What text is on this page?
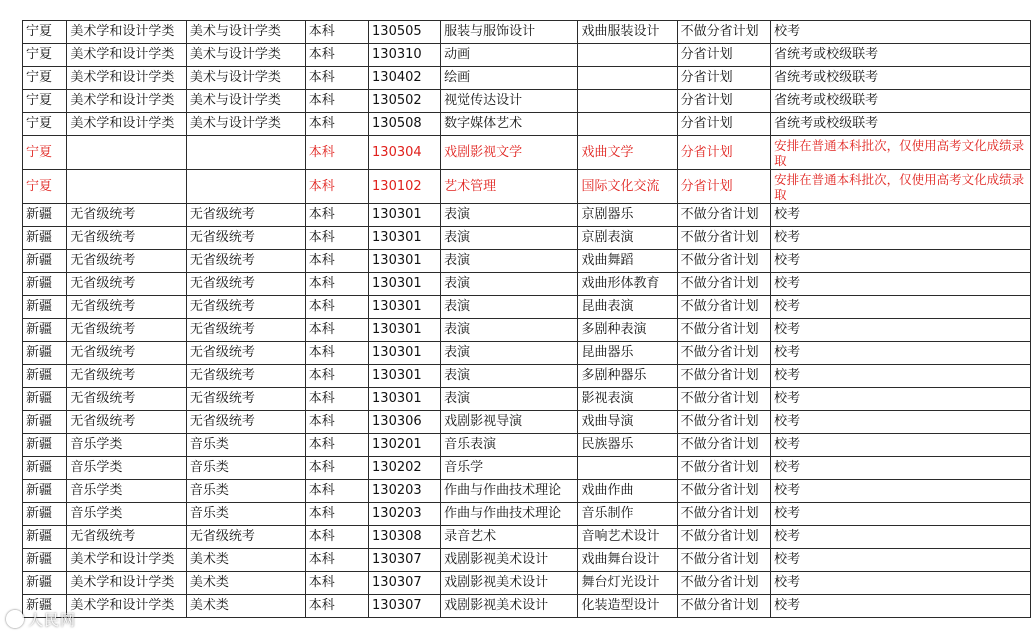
宁夏	美术学和设计学类	美术与设计学类	本科	130505	服装与服饰设计	戏曲服装设计	不做分省计划	校考
宁夏	美术学和设计学类	美术与设计学类	本科	130310	动画		分省计划	省统考或校级联考
宁夏	美术学和设计学类	美术与设计学类	本科	130402	绘画		分省计划	省统考或校级联考
宁夏	美术学和设计学类	美术与设计学类	本科	130502	视觉传达设计		分省计划	省统考或校级联考
宁夏	美术学和设计学类	美术与设计学类	本科	130508	数字媒体艺术		分省计划	省统考或校级联考
宁夏			本科	130304	戏剧影视文学	戏曲文学	分省计划	安排在普通本科批次，仅使用高考文化成绩录取
宁夏			本科	130102	艺术管理	国际文化交流	分省计划	安排在普通本科批次，仅使用高考文化成绩录取
新疆	无省级统考	无省级统考	本科	130301	表演	京剧器乐	不做分省计划	校考
新疆	无省级统考	无省级统考	本科	130301	表演	京剧表演	不做分省计划	校考
新疆	无省级统考	无省级统考	本科	130301	表演	戏曲舞蹈	不做分省计划	校考
新疆	无省级统考	无省级统考	本科	130301	表演	戏曲形体教育	不做分省计划	校考
新疆	无省级统考	无省级统考	本科	130301	表演	昆曲表演	不做分省计划	校考
新疆	无省级统考	无省级统考	本科	130301	表演	多剧种表演	不做分省计划	校考
新疆	无省级统考	无省级统考	本科	130301	表演	昆曲器乐	不做分省计划	校考
新疆	无省级统考	无省级统考	本科	130301	表演	多剧种器乐	不做分省计划	校考
新疆	无省级统考	无省级统考	本科	130301	表演	影视表演	不做分省计划	校考
新疆	无省级统考	无省级统考	本科	130306	戏剧影视导演	戏曲导演	不做分省计划	校考
新疆	音乐学类	音乐类	本科	130201	音乐表演	民族器乐	不做分省计划	校考
新疆	音乐学类	音乐类	本科	130202	音乐学		不做分省计划	校考
新疆	音乐学类	音乐类	本科	130203	作曲与作曲技术理论	戏曲作曲	不做分省计划	校考
新疆	音乐学类	音乐类	本科	130203	作曲与作曲技术理论	音乐制作	不做分省计划	校考
新疆	无省级统考	无省级统考	本科	130308	录音艺术	音响艺术设计	不做分省计划	校考
新疆	美术学和设计学类	美术类	本科	130307	戏剧影视美术设计	戏曲舞台设计	不做分省计划	校考
新疆	美术学和设计学类	美术类	本科	130307	戏剧影视美术设计	舞台灯光设计	不做分省计划	校考
新疆	美术学和设计学类	美术类	本科	130307	戏剧影视美术设计	化装造型设计	不做分省计划	校考
人民网
